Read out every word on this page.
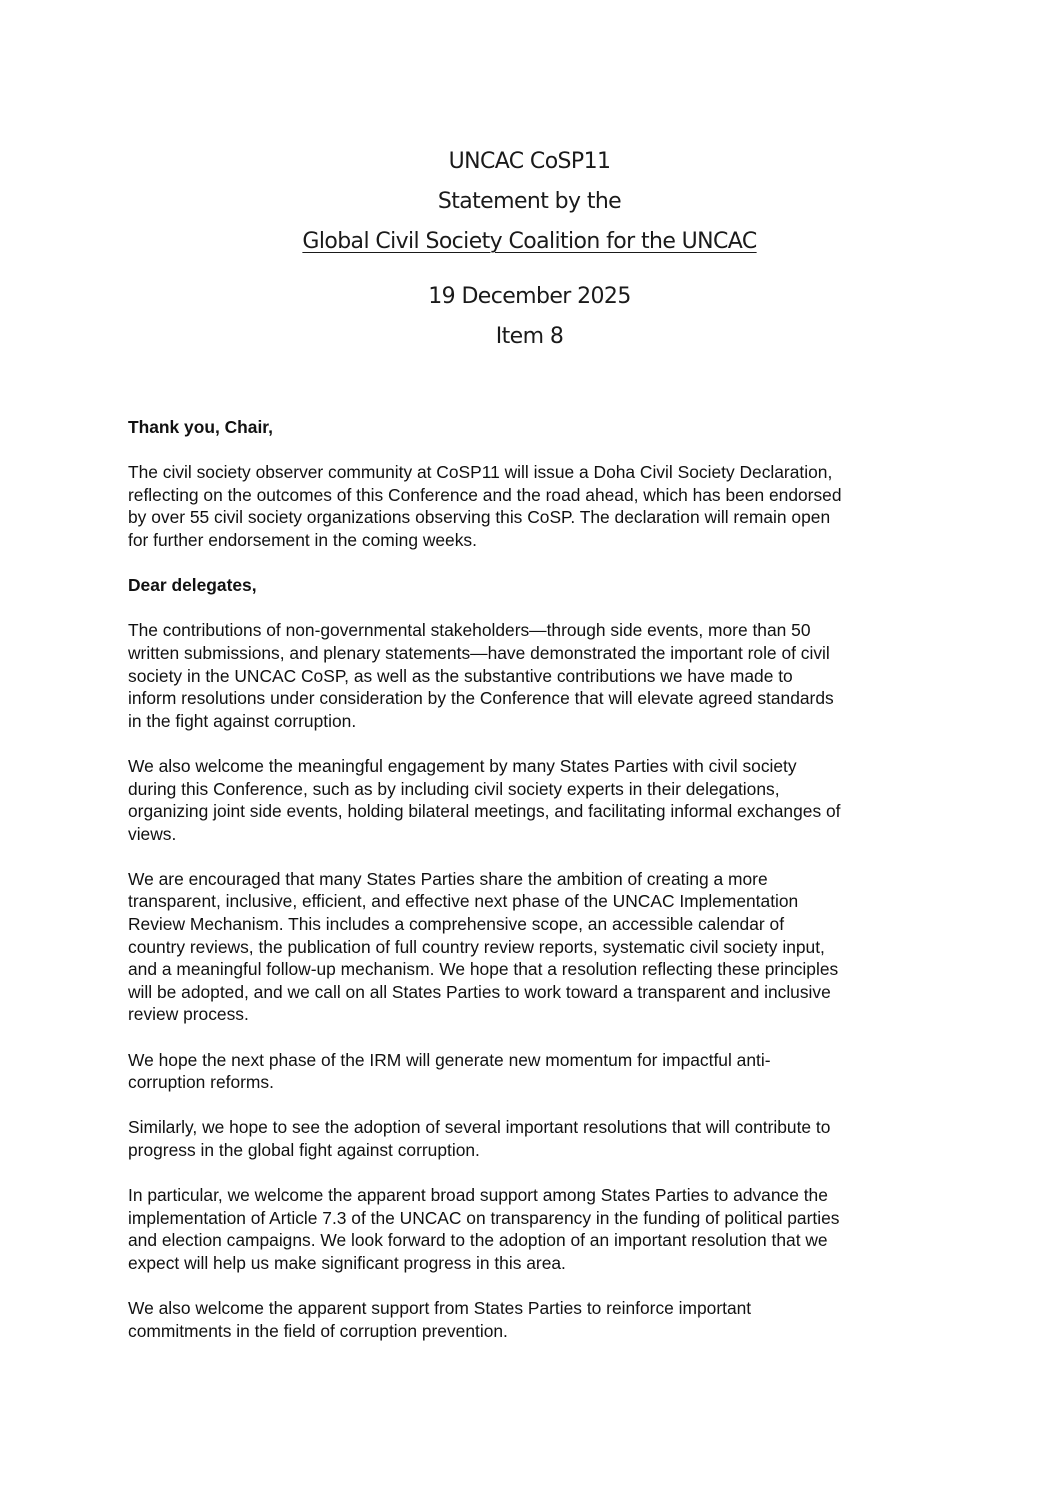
UNCAC CoSP11
Statement by the
Global Civil Society Coalition for the UNCAC
19 December 2025
Item 8

Thank you, Chair,

The civil society observer community at CoSP11 will issue a Doha Civil Society Declaration,
reflecting on the outcomes of this Conference and the road ahead, which has been endorsed
by over 55 civil society organizations observing this CoSP. The declaration will remain open
for further endorsement in the coming weeks.

Dear delegates,

The contributions of non-governmental stakeholders—through side events, more than 50
written submissions, and plenary statements—have demonstrated the important role of civil
society in the UNCAC CoSP, as well as the substantive contributions we have made to
inform resolutions under consideration by the Conference that will elevate agreed standards
in the fight against corruption.

We also welcome the meaningful engagement by many States Parties with civil society
during this Conference, such as by including civil society experts in their delegations,
organizing joint side events, holding bilateral meetings, and facilitating informal exchanges of
views.

We are encouraged that many States Parties share the ambition of creating a more
transparent, inclusive, efficient, and effective next phase of the UNCAC Implementation
Review Mechanism. This includes a comprehensive scope, an accessible calendar of
country reviews, the publication of full country review reports, systematic civil society input,
and a meaningful follow-up mechanism. We hope that a resolution reflecting these principles
will be adopted, and we call on all States Parties to work toward a transparent and inclusive
review process.

We hope the next phase of the IRM will generate new momentum for impactful anti-
corruption reforms.

Similarly, we hope to see the adoption of several important resolutions that will contribute to
progress in the global fight against corruption.

In particular, we welcome the apparent broad support among States Parties to advance the
implementation of Article 7.3 of the UNCAC on transparency in the funding of political parties
and election campaigns. We look forward to the adoption of an important resolution that we
expect will help us make significant progress in this area.

We also welcome the apparent support from States Parties to reinforce important
commitments in the field of corruption prevention.
